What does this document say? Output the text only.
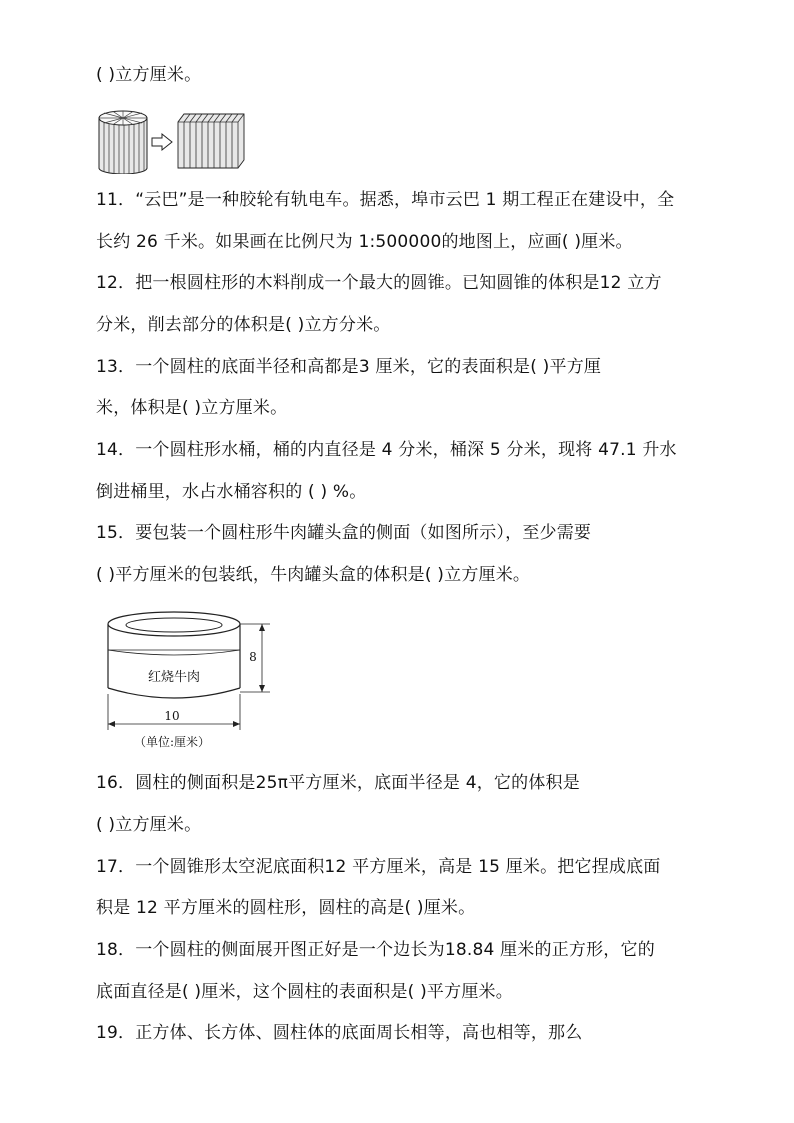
( )立方厘米。
11．“云巴”是一种胶轮有轨电车。据悉，埠市云巴 1 期工程正在建设中，全
长约 26 千米。如果画在比例尺为 1:500000的地图上，应画( )厘米。
12．把一根圆柱形的木料削成一个最大的圆锥。已知圆锥的体积是12 立方
分米，削去部分的体积是( )立方分米。
13．一个圆柱的底面半径和高都是3 厘米，它的表面积是( )平方厘
米，体积是( )立方厘米。
14．一个圆柱形水桶，桶的内直径是 4 分米，桶深 5 分米，现将 47.1 升水
倒进桶里，水占水桶容积的 ( ) %。
15．要包装一个圆柱形牛肉罐头盒的侧面（如图所示），至少需要
( )平方厘米的包装纸，牛肉罐头盒的体积是( )立方厘米。
红烧牛肉
8
10
（单位:厘米）
16．圆柱的侧面积是25π平方厘米，底面半径是 4，它的体积是
( )立方厘米。
17．一个圆锥形太空泥底面积12 平方厘米，高是 15 厘米。把它捏成底面
积是 12 平方厘米的圆柱形，圆柱的高是( )厘米。
18．一个圆柱的侧面展开图正好是一个边长为18.84 厘米的正方形，它的
底面直径是( )厘米，这个圆柱的表面积是( )平方厘米。
19．正方体、长方体、圆柱体的底面周长相等，高也相等，那么
